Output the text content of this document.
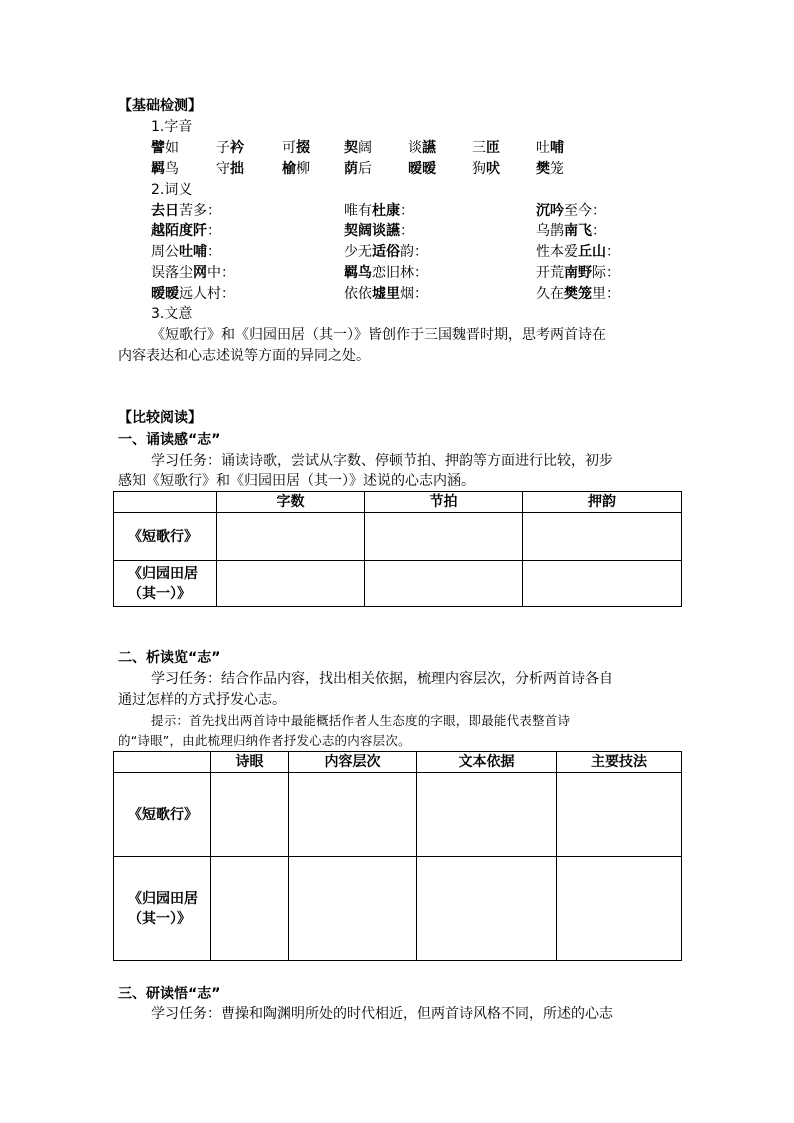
【基础检测】
1.字音
譬如	子衿	可掇 契阔	谈讌	三匝	吐哺
羁鸟	守拙	榆柳 荫后	暧暧	狗吠	樊笼
2.词义
去日苦多：	唯有杜康：	沉吟至今：
越陌度阡：	契阔谈讌：	乌鹊南飞：
周公吐哺：	少无适俗韵：	性本爱丘山：
误落尘网中：	羁鸟恋旧林：	开荒南野际：
暧暧远人村：	依依墟里烟：	久在樊笼里：
3.文意
《短歌行》和《归园田居（其一）》皆创作于三国魏晋时期，思考两首诗在
内容表达和心志述说等方面的异同之处。
【比较阅读】
一、诵读感“志”
学习任务：诵读诗歌，尝试从字数、停顿节拍、押韵等方面进行比较，初步
感知《短歌行》和《归园田居（其一）》述说的心志内涵。
	字数	节拍	押韵
《短歌行》			

《归园田居
（其一）》			

二、析读览“志”
学习任务：结合作品内容，找出相关依据，梳理内容层次，分析两首诗各自
通过怎样的方式抒发心志。
提示：首先找出两首诗中最能概括作者人生态度的字眼，即最能代表整首诗
的“诗眼”，由此梳理归纳作者抒发心志的内容层次。
	诗眼	内容层次	文本依据	主要技法
《短歌行》				

《归园田居
（其一）》				

三、研读悟“志”
学习任务：曹操和陶渊明所处的时代相近，但两首诗风格不同，所述的心志
